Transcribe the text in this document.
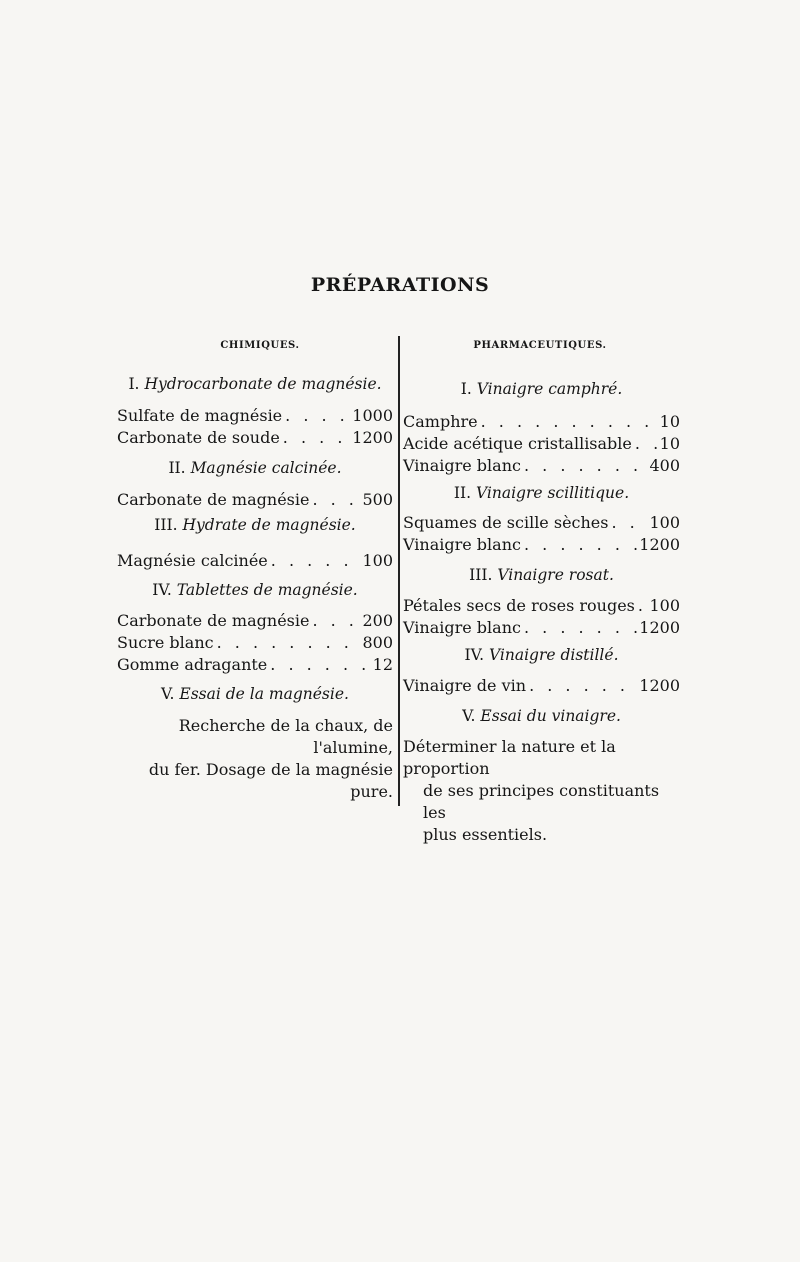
PRÉPARATIONS
CHIMIQUES.	PHARMACEUTIQUES.
I. Hydrocarbonate de magnésie.
Sulfate de magnésie . . .	1000
Carbonate de soude . . .	1200
II. Magnésie calcinée.
Carbonate de magnésie . . .	500
III. Hydrate de magnésie.
Magnésie calcinée . . .	100
IV. Tablettes de magnésie.
Carbonate de magnésie . . .	200
Sucre blanc . . .	800
Gomme adragante . . .	12
V. Essai de la magnésie.
Recherche de la chaux, de l'alumine,
du fer. Dosage de la magnésie pure.
I. Vinaigre camphré.
Camphre . . .	10
Acide acétique cristallisable . . . 10
Vinaigre blanc . . .	400
II. Vinaigre scillitique.
Squames de scille sèches . . .	100
Vinaigre blanc . . .	1200
III. Vinaigre rosat.
Pétales secs de roses rouges . . . 100
Vinaigre blanc . . .	1200
IV. Vinaigre distillé.
Vinaigre de vin . . .	1200
V. Essai du vinaigre.
Déterminer la nature et la proportion
de ses principes constituants les
plus essentiels.
